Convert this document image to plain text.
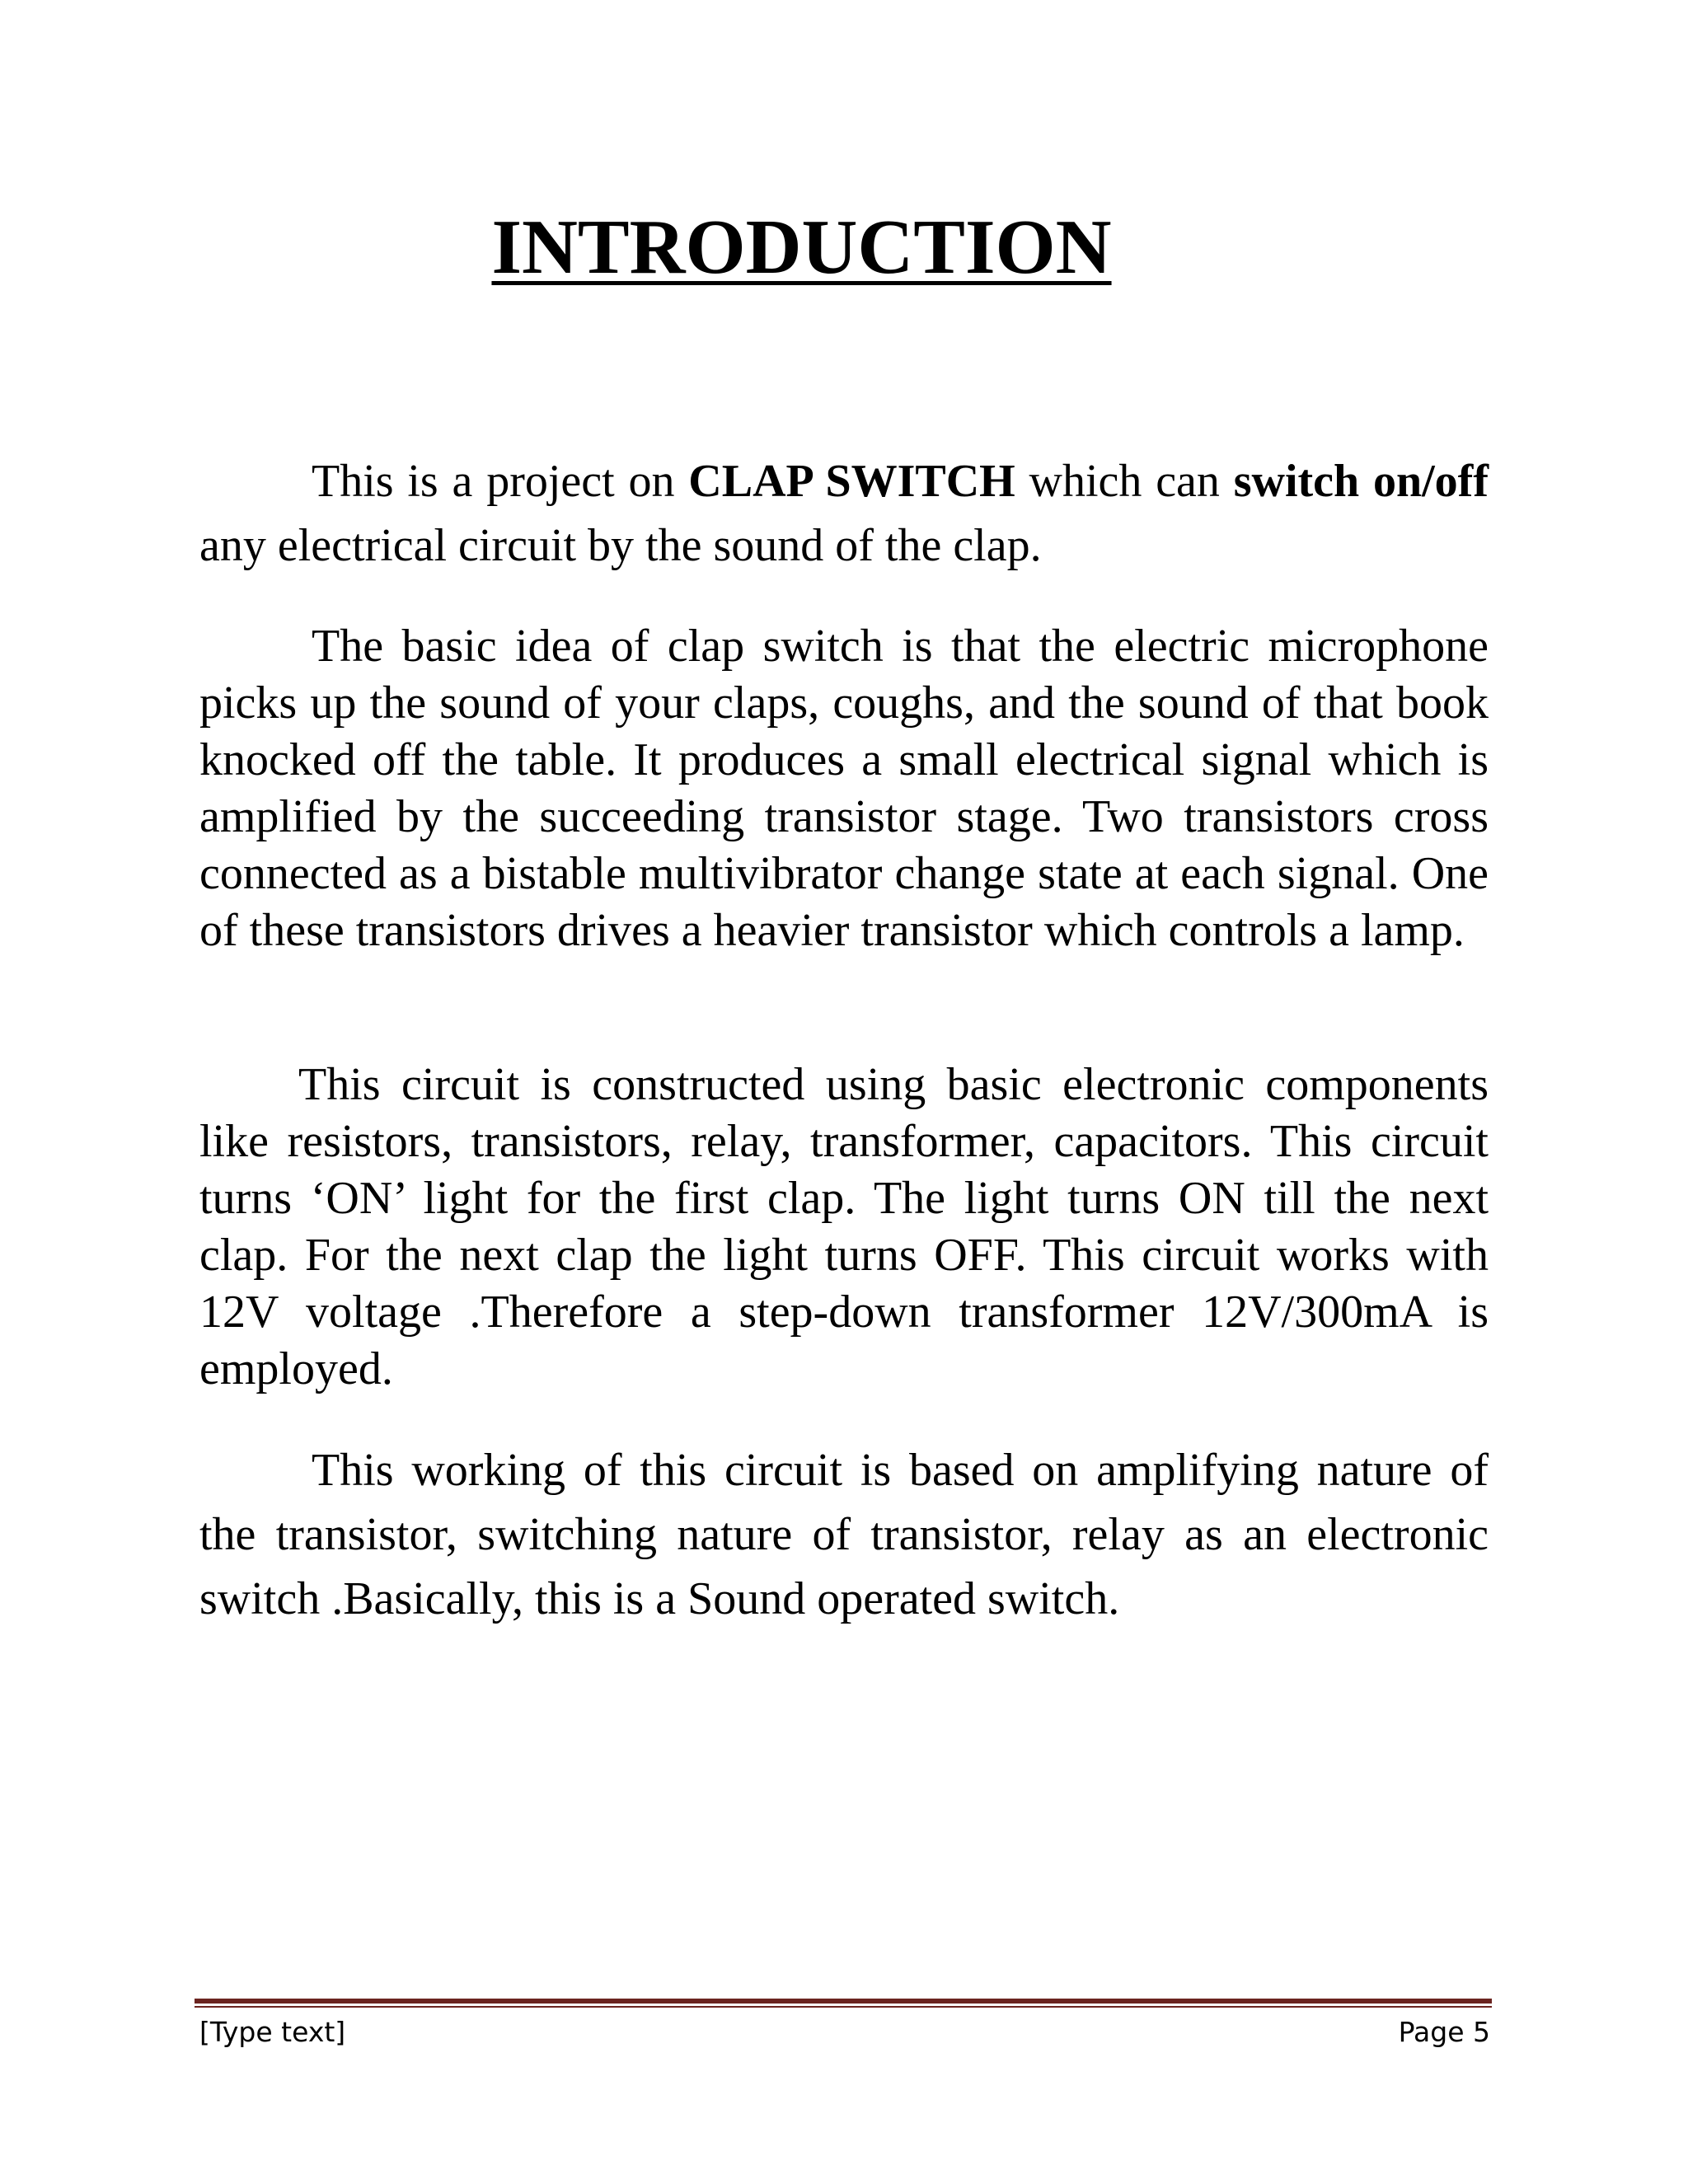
INTRODUCTION

This is a project on CLAP SWITCH which can switch on/off any electrical circuit by the sound of the clap.

The basic idea of clap switch is that the electric microphone picks up the sound of your claps, coughs, and the sound of that book knocked off the table. It produces a small electrical signal which is amplified by the succeeding transistor stage. Two transistors cross connected as a bistable multivibrator change state at each signal. One of these transistors drives a heavier transistor which controls a lamp.

This circuit is constructed using basic electronic components like resistors, transistors, relay, transformer, capacitors. This circuit turns ‘ON’ light for the first clap. The light turns ON till the next clap. For the next clap the light turns OFF. This circuit works with 12V voltage .Therefore a step-down transformer 12V/300mA is employed.

This working of this circuit is based on amplifying nature of the transistor, switching nature of transistor, relay as an electronic switch .Basically, this is a Sound operated switch.

[Type text]	Page 5
